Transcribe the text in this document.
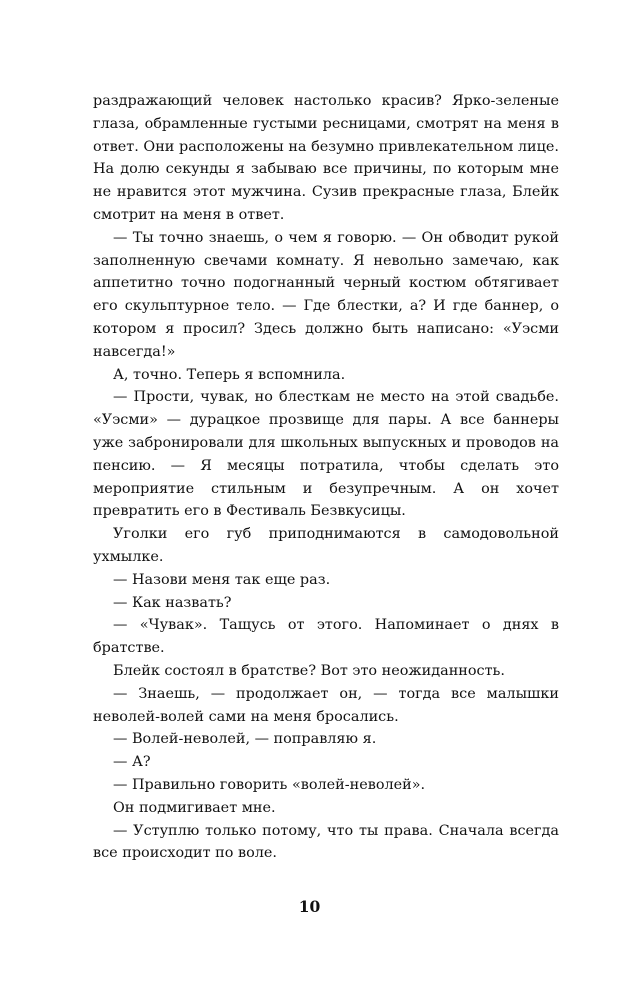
раздражающий человек настолько красив? Ярко-зеленые глаза, обрамленные густыми ресницами, смотрят на меня в ответ. Они расположены на безумно привлекательном лице. На долю секунды я забываю все причины, по которым мне не нравится этот мужчина. Сузив прекрасные глаза, Блейк смотрит на меня в ответ.

— Ты точно знаешь, о чем я говорю. — Он обводит рукой заполненную свечами комнату. Я невольно замечаю, как аппетитно точно подогнанный черный костюм обтягивает его скульптурное тело. — Где блестки, а? И где баннер, о котором я просил? Здесь должно быть написано: «Уэсми навсегда!»

А, точно. Теперь я вспомнила.

— Прости, чувак, но блесткам не место на этой свадьбе. «Уэсми» — дурацкое прозвище для пары. А все баннеры уже забронировали для школьных выпускных и проводов на пенсию. — Я месяцы потратила, чтобы сделать это мероприятие стильным и безупречным. А он хочет превратить его в Фестиваль Безвкусицы.

Уголки его губ приподнимаются в самодовольной ухмылке.

— Назови меня так еще раз.

— Как назвать?

— «Чувак». Тащусь от этого. Напоминает о днях в братстве.

Блейк состоял в братстве? Вот это неожиданность.

— Знаешь, — продолжает он, — тогда все малышки неволей-волей сами на меня бросались.

— Волей-неволей, — поправляю я.

— А?

— Правильно говорить «волей-неволей».

Он подмигивает мне.

— Уступлю только потому, что ты права. Сначала всегда все происходит по воле.

10
